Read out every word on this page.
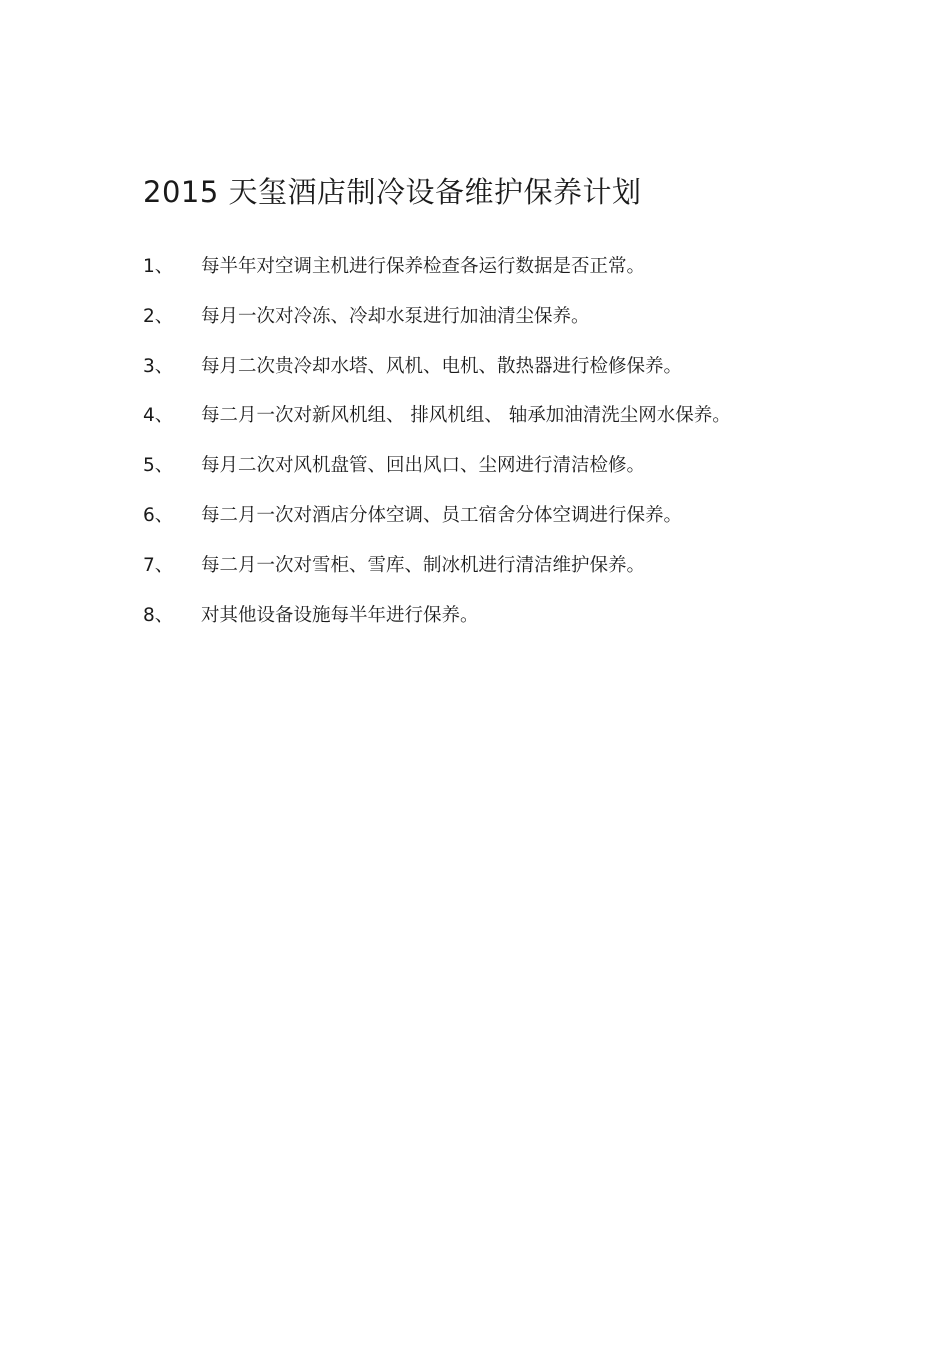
2015 天玺酒店制冷设备维护保养计划
1、	每半年对空调主机进行保养检查各运行数据是否正常。
2、	每月一次对冷冻、冷却水泵进行加油清尘保养。
3、	每月二次贵冷却水塔、风机、电机、散热器进行检修保养。
4、	每二月一次对新风机组、 排风机组、 轴承加油清洗尘网水保养。
5、	每月二次对风机盘管、回出风口、尘网进行清洁检修。
6、	每二月一次对酒店分体空调、员工宿舍分体空调进行保养。
7、	每二月一次对雪柜、雪库、制冰机进行清洁维护保养。
8、	对其他设备设施每半年进行保养。
